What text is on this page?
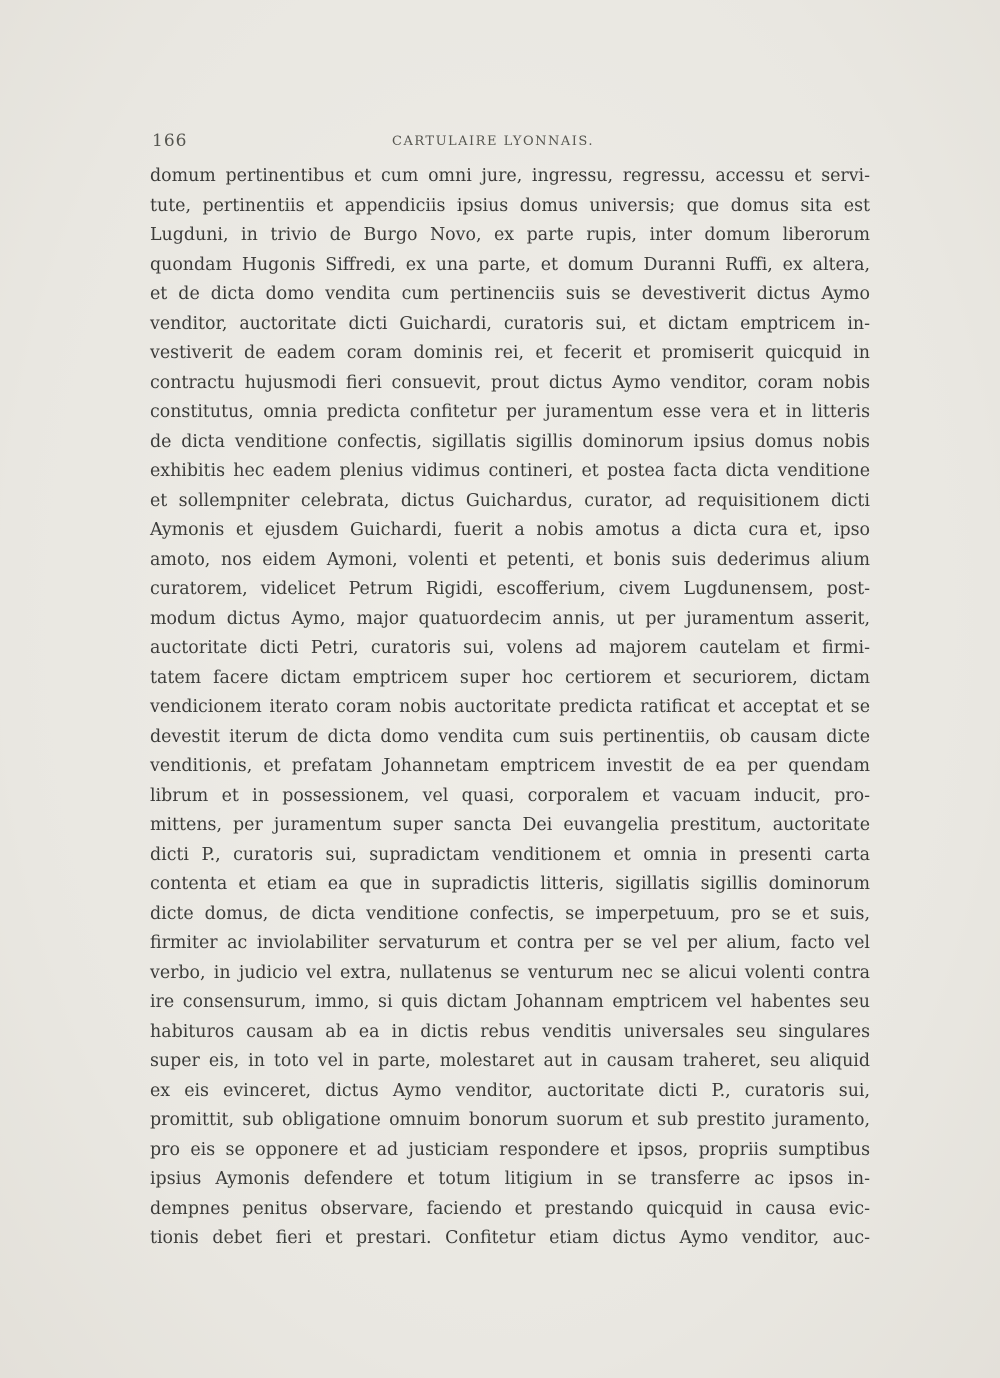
166	CARTULAIRE LYONNAIS.
domum pertinentibus et cum omni jure, ingressu, regressu, accessu et servi-
tute, pertinentiis et appendiciis ipsius domus universis; que domus sita est
Lugduni, in trivio de Burgo Novo, ex parte rupis, inter domum liberorum
quondam Hugonis Siffredi, ex una parte, et domum Duranni Ruffi, ex altera,
et de dicta domo vendita cum pertinenciis suis se devestiverit dictus Aymo
venditor, auctoritate dicti Guichardi, curatoris sui, et dictam emptricem in-
vestiverit de eadem coram dominis rei, et fecerit et promiserit quicquid in
contractu hujusmodi fieri consuevit, prout dictus Aymo venditor, coram nobis
constitutus, omnia predicta confitetur per juramentum esse vera et in litteris
de dicta venditione confectis, sigillatis sigillis dominorum ipsius domus nobis
exhibitis hec eadem plenius vidimus contineri, et postea facta dicta venditione
et sollempniter celebrata, dictus Guichardus, curator, ad requisitionem dicti
Aymonis et ejusdem Guichardi, fuerit a nobis amotus a dicta cura et, ipso
amoto, nos eidem Aymoni, volenti et petenti, et bonis suis dederimus alium
curatorem, videlicet Petrum Rigidi, escofferium, civem Lugdunensem, post-
modum dictus Aymo, major quatuordecim annis, ut per juramentum asserit,
auctoritate dicti Petri, curatoris sui, volens ad majorem cautelam et firmi-
tatem facere dictam emptricem super hoc certiorem et securiorem, dictam
vendicionem iterato coram nobis auctoritate predicta ratificat et acceptat et se
devestit iterum de dicta domo vendita cum suis pertinentiis, ob causam dicte
venditionis, et prefatam Johannetam emptricem investit de ea per quendam
librum et in possessionem, vel quasi, corporalem et vacuam inducit, pro-
mittens, per juramentum super sancta Dei euvangelia prestitum, auctoritate
dicti P., curatoris sui, supradictam venditionem et omnia in presenti carta
contenta et etiam ea que in supradictis litteris, sigillatis sigillis dominorum
dicte domus, de dicta venditione confectis, se imperpetuum, pro se et suis,
firmiter ac inviolabiliter servaturum et contra per se vel per alium, facto vel
verbo, in judicio vel extra, nullatenus se venturum nec se alicui volenti contra
ire consensurum, immo, si quis dictam Johannam emptricem vel habentes seu
habituros causam ab ea in dictis rebus venditis universales seu singulares
super eis, in toto vel in parte, molestaret aut in causam traheret, seu aliquid
ex eis evinceret, dictus Aymo venditor, auctoritate dicti P., curatoris sui,
promittit, sub obligatione omnuim bonorum suorum et sub prestito juramento,
pro eis se opponere et ad justiciam respondere et ipsos, propriis sumptibus
ipsius Aymonis defendere et totum litigium in se transferre ac ipsos in-
dempnes penitus observare, faciendo et prestando quicquid in causa evic-
tionis debet fieri et prestari. Confitetur etiam dictus Aymo venditor, auc-
